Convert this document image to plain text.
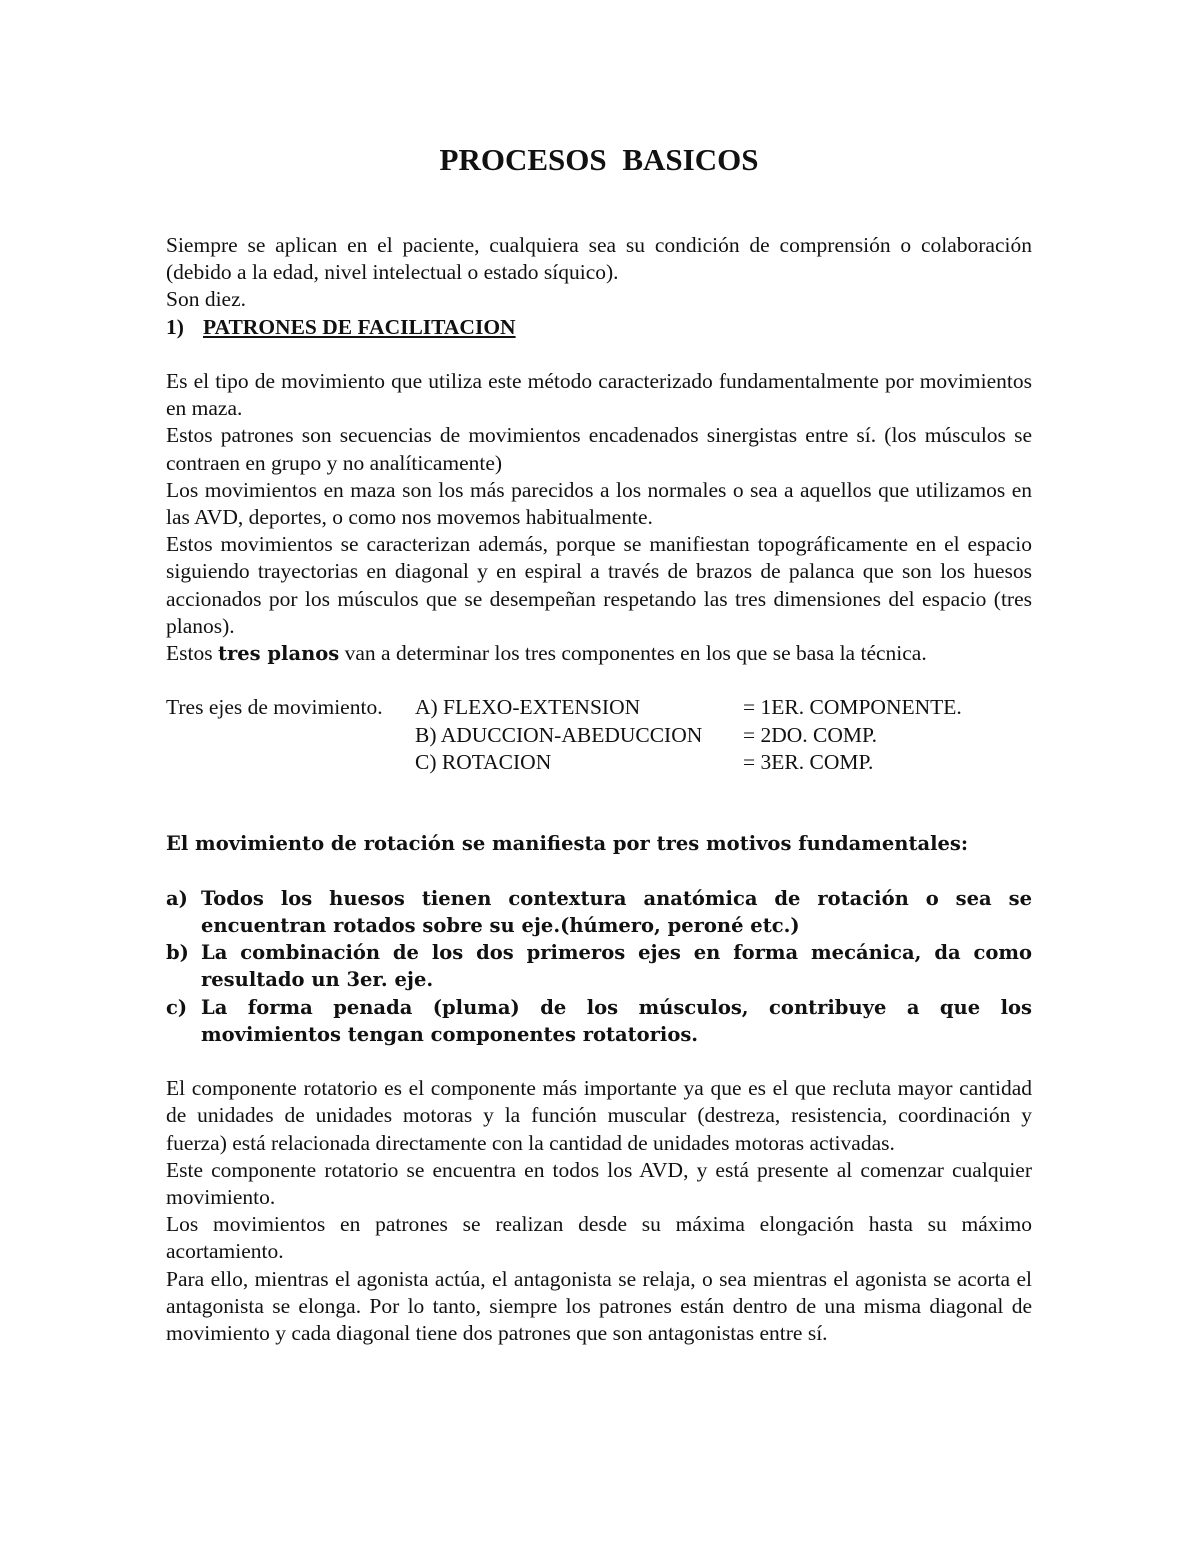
PROCESOS BASICOS

Siempre se aplican en el paciente, cualquiera sea su condición de comprensión o colaboración (debido a la edad, nivel intelectual o estado síquico).

Son diez.

1) PATRONES DE FACILITACION

Es el tipo de movimiento que utiliza este método caracterizado fundamentalmente por movimientos en maza.

Estos patrones son secuencias de movimientos encadenados sinergistas entre sí. (los músculos se contraen en grupo y no analíticamente)

Los movimientos en maza son los más parecidos a los normales o sea a aquellos que utilizamos en las AVD, deportes, o como nos movemos habitualmente.

Estos movimientos se caracterizan además, porque se manifiestan topográficamente en el espacio siguiendo trayectorias en diagonal y en espiral a través de brazos de palanca que son los huesos accionados por los músculos que se desempeñan respetando las tres dimensiones del espacio (tres planos).

Estos tres planos van a determinar los tres componentes en los que se basa la técnica.

Tres ejes de movimiento.	A) FLEXO-EXTENSION	= 1ER. COMPONENTE.
B) ADUCCION-ABEDUCCION	= 2DO. COMP.
C) ROTACION	= 3ER. COMP.

El movimiento de rotación se manifiesta por tres motivos fundamentales:

a) Todos los huesos tienen contextura anatómica de rotación o sea se encuentran rotados sobre su eje.(húmero, peroné etc.)
b) La combinación de los dos primeros ejes en forma mecánica, da como resultado un 3er. eje.
c) La forma penada (pluma) de los músculos, contribuye a que los movimientos tengan componentes rotatorios.

El componente rotatorio es el componente más importante ya que es el que recluta mayor cantidad de unidades de unidades motoras y la función muscular (destreza, resistencia, coordinación y fuerza) está relacionada directamente con la cantidad de unidades motoras activadas.

Este componente rotatorio se encuentra en todos los AVD, y está presente al comenzar cualquier movimiento.

Los movimientos en patrones se realizan desde su máxima elongación hasta su máximo acortamiento.

Para ello, mientras el agonista actúa, el antagonista se relaja, o sea mientras el agonista se acorta el antagonista se elonga. Por lo tanto, siempre los patrones están dentro de una misma diagonal de movimiento y cada diagonal tiene dos patrones que son antagonistas entre sí.
